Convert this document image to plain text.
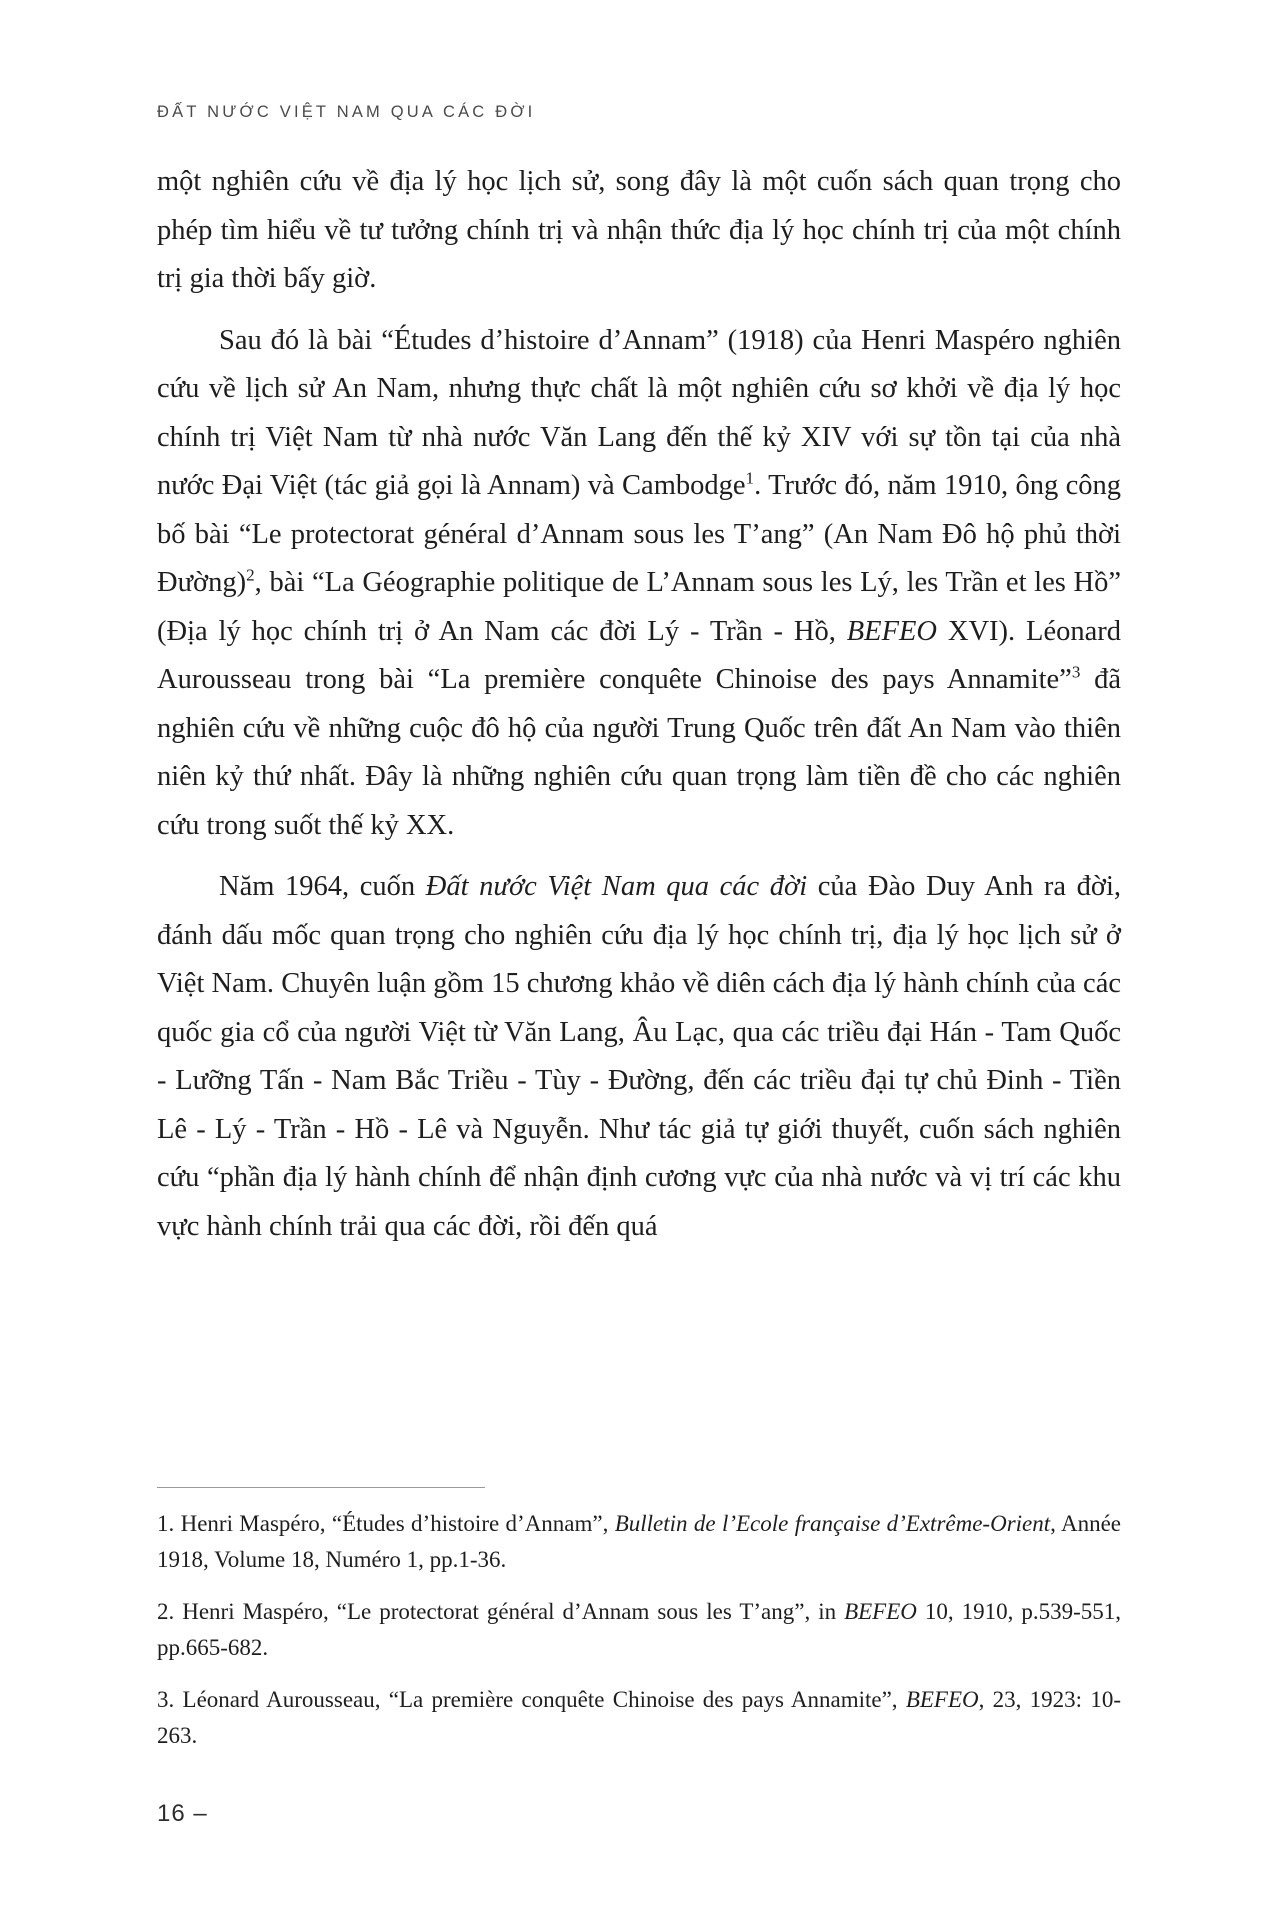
ĐẤT NƯỚC VIỆT NAM QUA CÁC ĐỜI

một nghiên cứu về địa lý học lịch sử, song đây là một cuốn sách quan trọng cho phép tìm hiểu về tư tưởng chính trị và nhận thức địa lý học chính trị của một chính trị gia thời bấy giờ.

Sau đó là bài “Études d’histoire d’Annam” (1918) của Henri Maspéro nghiên cứu về lịch sử An Nam, nhưng thực chất là một nghiên cứu sơ khởi về địa lý học chính trị Việt Nam từ nhà nước Văn Lang đến thế kỷ XIV với sự tồn tại của nhà nước Đại Việt (tác giả gọi là Annam) và Cambodge$^1$. Trước đó, năm 1910, ông công bố bài “Le protectorat général d’Annam sous les T’ang” (An Nam Đô hộ phủ thời Đường)$^2$, bài “La Géographie politique de L’Annam sous les Lý, les Trần et les Hồ” (Địa lý học chính trị ở An Nam các đời Lý - Trần - Hồ, BEFEO XVI). Léonard Aurousseau trong bài “La première conquête Chinoise des pays Annamite”$^3$ đã nghiên cứu về những cuộc đô hộ của người Trung Quốc trên đất An Nam vào thiên niên kỷ thứ nhất. Đây là những nghiên cứu quan trọng làm tiền đề cho các nghiên cứu trong suốt thế kỷ XX.

Năm 1964, cuốn Đất nước Việt Nam qua các đời của Đào Duy Anh ra đời, đánh dấu mốc quan trọng cho nghiên cứu địa lý học chính trị, địa lý học lịch sử ở Việt Nam. Chuyên luận gồm 15 chương khảo về diên cách địa lý hành chính của các quốc gia cổ của người Việt từ Văn Lang, Âu Lạc, qua các triều đại Hán - Tam Quốc - Lưỡng Tấn - Nam Bắc Triều - Tùy - Đường, đến các triều đại tự chủ Đinh - Tiền Lê - Lý - Trần - Hồ - Lê và Nguyễn. Như tác giả tự giới thuyết, cuốn sách nghiên cứu “phần địa lý hành chính để nhận định cương vực của nhà nước và vị trí các khu vực hành chính trải qua các đời, rồi đến quá

1. Henri Maspéro, “Études d’histoire d’Annam”, Bulletin de l’Ecole française d’Extrême-Orient, Année 1918, Volume 18, Numéro 1, pp.1-36.

2. Henri Maspéro, “Le protectorat général d’Annam sous les T’ang”, in BEFEO 10, 1910, p.539-551, pp.665-682.

3. Léonard Aurousseau, “La première conquête Chinoise des pays Annamite”, BEFEO, 23, 1923: 10-263.

16 –
